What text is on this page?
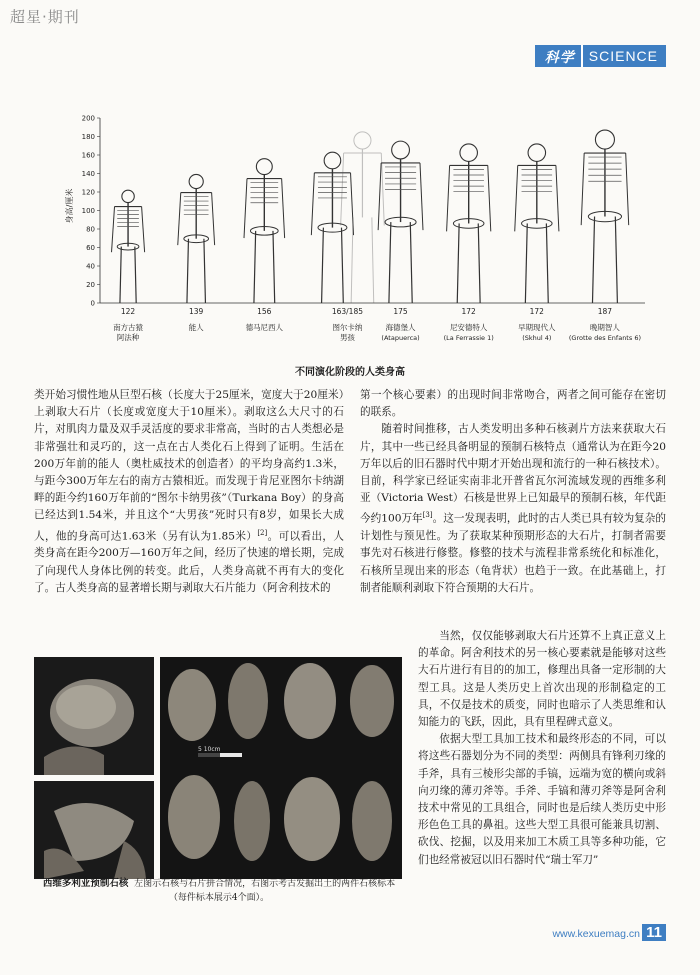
超星·期刊
科学	SCIENCE
0
20
40
60
80
100
120
140
160
180
200
身高/厘米
122
南方古猿
阿法种
139
能人
156
德马尼西人
163/185
图尔卡纳
男孩
175
海德堡人
(Atapuerca)
172
尼安德特人
(La Ferrassie 1)
172
早期现代人
(Skhul 4)
187
晚期智人
(Grotte des Enfants 6)
不同演化阶段的人类身高

类开始习惯性地从巨型石核（长度大于25厘米，宽度大于20厘米）上剥取大石片（长度或宽度大于10厘米）。剥取这么大尺寸的石片，对肌肉力量及双手灵活度的要求非常高，当时的古人类想必是非常强壮和灵巧的，这一点在古人类化石上得到了证明。生活在200万年前的能人（奥杜威技术的创造者）的平均身高约1.3米，与距今300万年左右的南方古猿相近。而发现于肯尼亚图尔卡纳湖畔的距今约160万年前的“图尔卡纳男孩”（Turkana Boy）的身高已经达到1.54米，并且这个“大男孩”死时只有8岁，如果长大成人，他的身高可达1.63米（另有认为1.85米）[2]。可以看出，人类身高在距今200万—160万年之间，经历了快速的增长期，完成了向现代人身体比例的转变。此后，人类身高就不再有大的变化了。古人类身高的显著增长期与剥取大石片能力（阿舍利技术的

第一个核心要素）的出现时间非常吻合，两者之间可能存在密切的联系。

随着时间推移，古人类发明出多种石核剥片方法来获取大石片，其中一些已经具备明显的预制石核特点（通常认为在距今20万年以后的旧石器时代中期才开始出现和流行的一种石核技术）。目前，科学家已经证实南非北开普省瓦尔河流域发现的西维多利亚（Victoria West）石核是世界上已知最早的预制石核，年代距今约100万年[3]。这一发现表明，此时的古人类已具有较为复杂的计划性与预见性。为了获取某种预期形态的大石片，打制者需要事先对石核进行修整。修整的技术与流程非常系统化和标准化，石核所呈现出来的形态（龟背状）也趋于一致。在此基础上，打制者能顺利剥取下符合预期的大石片。

当然，仅仅能够剥取大石片还算不上真正意义上的革命。阿舍利技术的另一核心要素就是能够对这些大石片进行有目的的加工，修理出具备一定形制的大型工具。这是人类历史上首次出现的形制稳定的工具，不仅是技术的质变，同时也暗示了人类思维和认知能力的飞跃，因此，具有里程碑式意义。

依据大型工具加工技术和最终形态的不同，可以将这些石器划分为不同的类型：两侧具有锋利刃缘的手斧，具有三棱形尖部的手镐，远端为宽的横向或斜向刃缘的薄刃斧等。手斧、手镐和薄刃斧等是阿舍利技术中常见的工具组合，同时也是后续人类历史中形形色色工具的鼻祖。这些大型工具很可能兼具切割、砍伐、挖掘，以及用来加工木质工具等多种功能，它们也经常被冠以旧石器时代“瑞士军刀”

5 10cm
西维多利亚预制石核 左图示石核与石片拼合情况，右图示考古发掘出土的两件石核标本（每件标本展示4个面）。
www.kexuemag.cn 11
